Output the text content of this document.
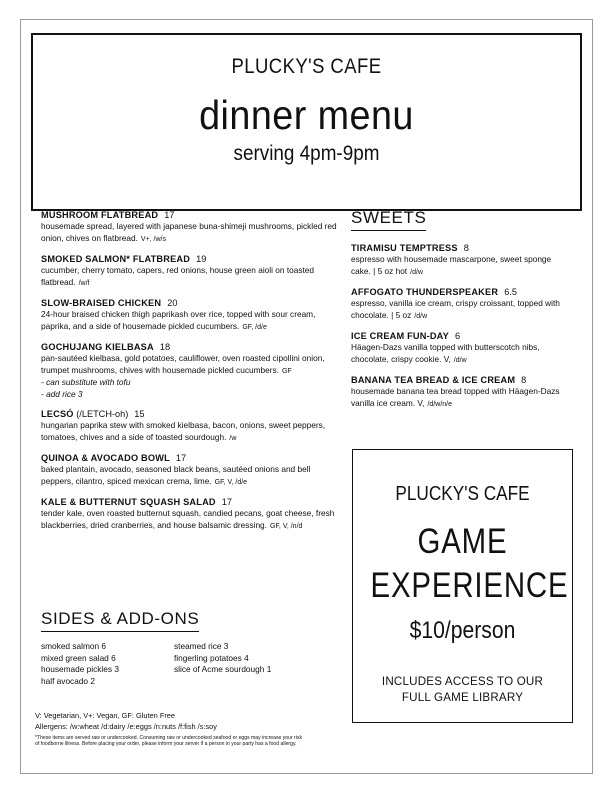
PLUCKY'S CAFE
dinner menu
serving 4pm-9pm
MUSHROOM FLATBREAD 17
housemade spread, layered with japanese buna-shimeji mushrooms, pickled red onion, chives on flatbread. V+, /w/s
SMOKED SALMON* FLATBREAD 19
cucumber, cherry tomato, capers, red onions, house green aioli on toasted flatbread. /w/f
SLOW-BRAISED CHICKEN 20
24-hour braised chicken thigh paprikash over rice, topped with sour cream, paprika, and a side of housemade pickled cucumbers. GF, /d/e
GOCHUJANG KIELBASA 18
pan-sautéed kielbasa, gold potatoes, cauliflower, oven roasted cipollini onion, trumpet mushrooms, chives with housemade pickled cucumbers. GF
- can substitute with tofu
- add rice 3
LECSÓ (/LETCH-oh) 15
hungarian paprika stew with smoked kielbasa, bacon, onions, sweet peppers, tomatoes, chives and a side of toasted sourdough. /w
QUINOA & AVOCADO BOWL 17
baked plantain, avocado, seasoned black beans, sautéed onions and bell peppers, cilantro, spiced mexican crema, lime. GF, V, /d/e
KALE & BUTTERNUT SQUASH SALAD 17
tender kale, oven roasted butternut squash, candied pecans, goat cheese, fresh blackberries, dried cranberries, and house balsamic dressing. GF, V, /n/d
SIDES & ADD-ONS
smoked salmon 6	steamed rice 3
mixed green salad 6	fingerling potatoes 4
housemade pickles 3	slice of Acme sourdough 1
half avocado 2
V: Vegetarian, V+: Vegan, GF: Gluten Free
Allergens: /w:wheat /d:dairy /e:eggs /n:nuts /f:fish /s:soy
*These items are served raw or undercooked. Consuming raw or undercooked seafood or eggs may increase your risk of foodborne illness. Before placing your order, please inform your server if a person in your party has a food allergy.
SWEETS
TIRAMISU TEMPTRESS 8
espresso with housemade mascarpone, sweet sponge cake. | 5 oz hot /d/w
AFFOGATO THUNDERSPEAKER 6.5
espresso, vanilla ice cream, crispy croissant, topped with chocolate. | 5 oz /d/w
ICE CREAM FUN-DAY 6
Häagen-Dazs vanilla topped with butterscotch nibs, chocolate, crispy cookie. V, /d/w
BANANA TEA BREAD & ICE CREAM 8
housemade banana tea bread topped with Häagen-Dazs vanilla ice cream. V, /d/w/n/e
PLUCKY'S CAFE
GAME
EXPERIENCE
$10/person
INCLUDES ACCESS TO OUR FULL GAME LIBRARY
